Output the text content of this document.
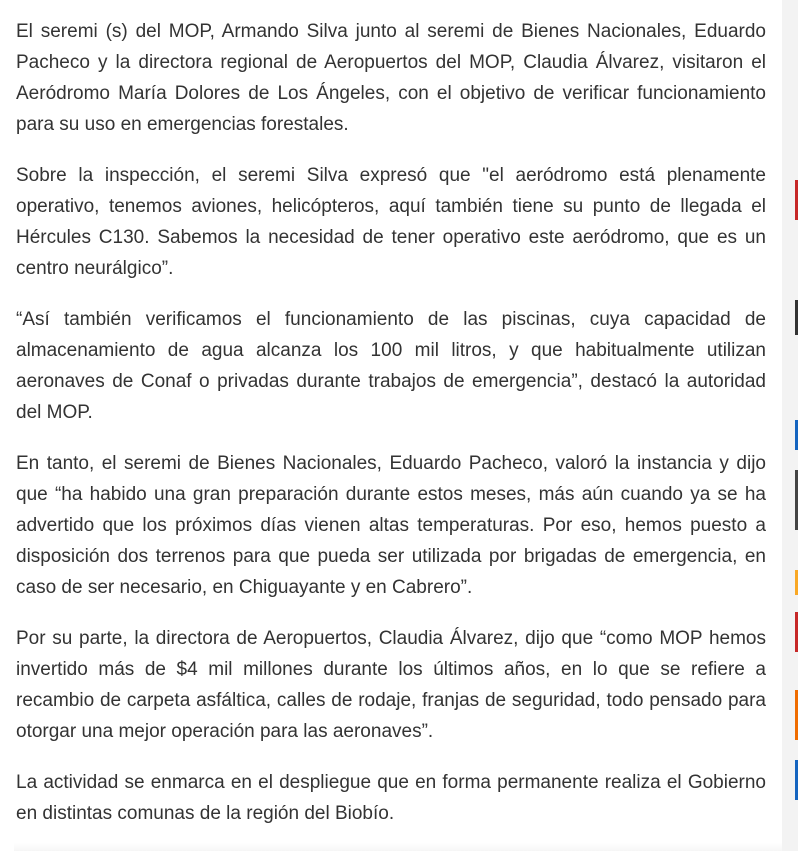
El seremi (s) del MOP, Armando Silva junto al seremi de Bienes Nacionales, Eduardo Pacheco y la directora regional de Aeropuertos del MOP, Claudia Álvarez, visitaron el Aeródromo María Dolores de Los Ángeles, con el objetivo de verificar funcionamiento para su uso en emergencias forestales.

Sobre la inspección, el seremi Silva expresó que "el aeródromo está plenamente operativo, tenemos aviones, helicópteros, aquí también tiene su punto de llegada el Hércules C130. Sabemos la necesidad de tener operativo este aeródromo, que es un centro neurálgico”.

“Así también verificamos el funcionamiento de las piscinas, cuya capacidad de almacenamiento de agua alcanza los 100 mil litros, y que habitualmente utilizan aeronaves de Conaf o privadas durante trabajos de emergencia”, destacó la autoridad del MOP.

En tanto, el seremi de Bienes Nacionales, Eduardo Pacheco, valoró la instancia y dijo que “ha habido una gran preparación durante estos meses, más aún cuando ya se ha advertido que los próximos días vienen altas temperaturas. Por eso, hemos puesto a disposición dos terrenos para que pueda ser utilizada por brigadas de emergencia, en caso de ser necesario, en Chiguayante y en Cabrero”.

Por su parte, la directora de Aeropuertos, Claudia Álvarez, dijo que “como MOP hemos invertido más de $4 mil millones durante los últimos años, en lo que se refiere a recambio de carpeta asfáltica, calles de rodaje, franjas de seguridad, todo pensado para otorgar una mejor operación para las aeronaves”.

La actividad se enmarca en el despliegue que en forma permanente realiza el Gobierno en distintas comunas de la región del Biobío.
